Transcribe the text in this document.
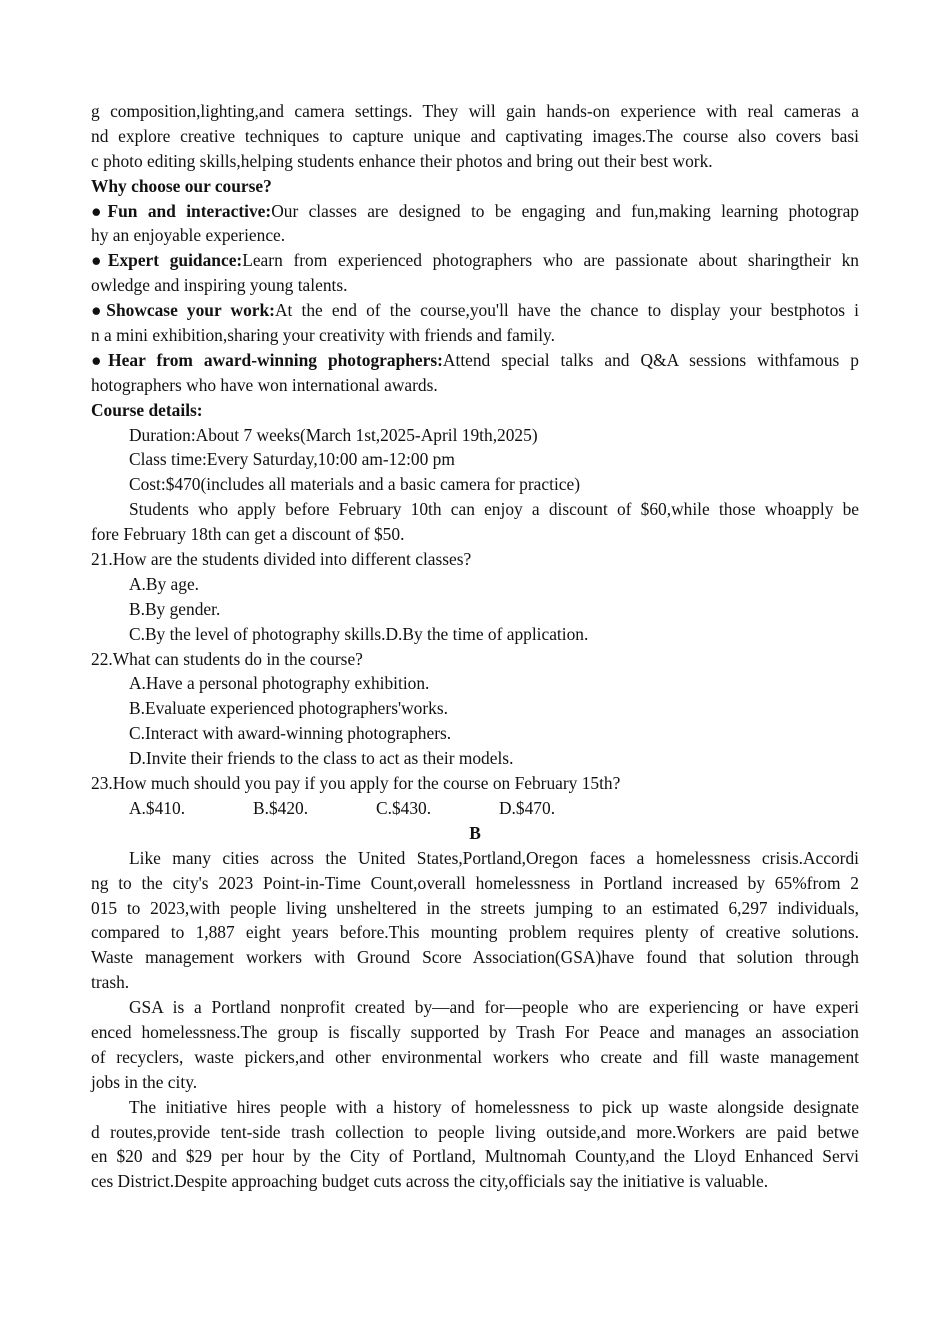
g composition,lighting,and camera settings. They will gain hands-on experience with real cameras a
nd explore creative techniques to capture unique and captivating images.The course also covers basi
c photo editing skills,helping students enhance their photos and bring out their best work.
Why choose our course?
●Fun and interactive:Our classes are designed to be engaging and fun,making learning photograp
hy an enjoyable experience.
●Expert guidance:Learn from experienced photographers who are passionate about sharingtheir kn
owledge and inspiring young talents.
●Showcase your work:At the end of the course,you'll have the chance to display your bestphotos i
n a mini exhibition,sharing your creativity with friends and family.
●Hear from award-winning photographers:Attend special talks and Q&A sessions withfamous p
hotographers who have won international awards.
Course details:
Duration:About 7 weeks(March 1st,2025-April 19th,2025)
Class time:Every Saturday,10:00 am-12:00 pm
Cost:$470(includes all materials and a basic camera for practice)
Students who apply before February 10th can enjoy a discount of $60,while those whoapply be
fore February 18th can get a discount of $50.
21.How are the students divided into different classes?
A.By age.
B.By gender.
C.By the level of photography skills.D.By the time of application.
22.What can students do in the course?
A.Have a personal photography exhibition.
B.Evaluate experienced photographers'works.
C.Interact with award-winning photographers.
D.Invite their friends to the class to act as their models.
23.How much should you pay if you apply for the course on February 15th?
A.$410.	B.$420.	C.$430.	D.$470.
B
Like many cities across the United States,Portland,Oregon faces a homelessness crisis.Accordi
ng to the city's 2023 Point-in-Time Count,overall homelessness in Portland increased by 65%from 2
015 to 2023,with people living unsheltered in the streets jumping to an estimated 6,297 individuals,
compared to 1,887 eight years before.This mounting problem requires plenty of creative solutions.
Waste management workers with Ground Score Association(GSA)have found that solution through
trash.
GSA is a Portland nonprofit created by—and for—people who are experiencing or have experi
enced homelessness.The group is fiscally supported by Trash For Peace and manages an association
of recyclers, waste pickers,and other environmental workers who create and fill waste management
jobs in the city.
The initiative hires people with a history of homelessness to pick up waste alongside designate
d routes,provide tent-side trash collection to people living outside,and more.Workers are paid betwe
en $20 and $29 per hour by the City of Portland, Multnomah County,and the Lloyd Enhanced Servi
ces District.Despite approaching budget cuts across the city,officials say the initiative is valuable.
